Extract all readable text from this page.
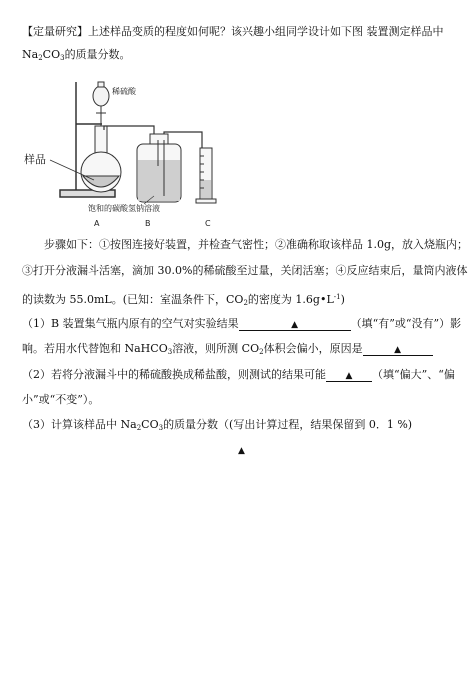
【定量研究】上述样品变质的程度如何呢？该兴趣小组同学设计如下图 装置测定样品中
$Na_2CO_3$的质量分数。
稀硫酸
样品
饱和的碳酸氢钠溶液
A	B	C
步骤如下：①按图连接好装置，并检查气密性；②准确称取该样品 1.0g，放入烧瓶内；
③打开分液漏斗活塞，滴加 30.0%的稀硫酸至过量，关闭活塞；④反应结束后，量筒内液体
的读数为 55.0mL。(已知：室温条件下，$CO_2$的密度为 $1.6g•L^{-1}$)
（1）B 装置集气瓶内原有的空气对实验结果	▲	（填“有”或“没有”）影
响。若用水代替饱和 NaHCO$_3$溶液，则所测 $CO_2$体积会偏小，原因是	▲
（2）若将分液漏斗中的稀硫酸换成稀盐酸，则测试的结果可能 ▲ （填“偏大”、“偏
小”或“不变”）。
（3）计算该样品中 $Na_2CO_3$的质量分数（(写出计算过程，结果保留到 0．1 %)
▲
